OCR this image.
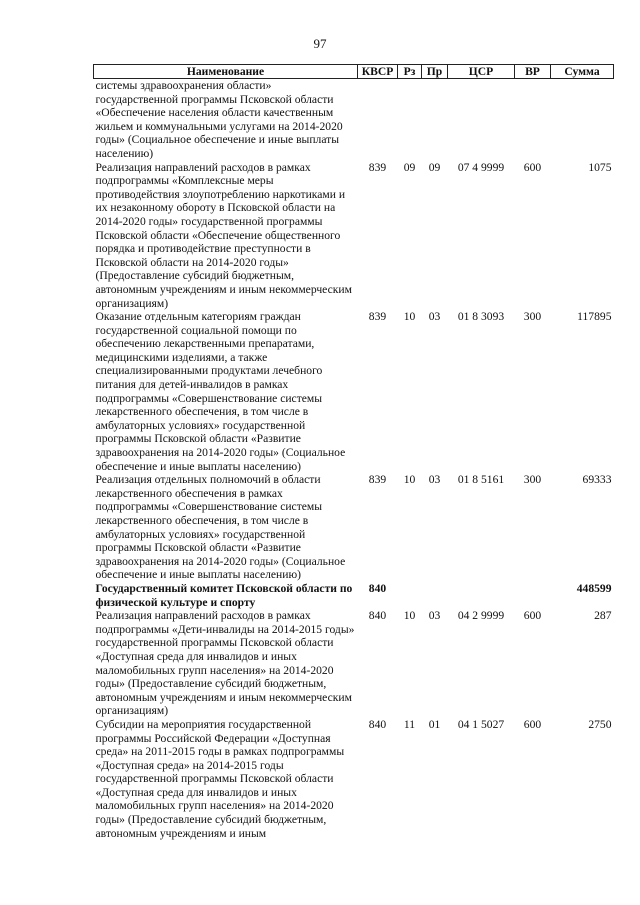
97
Наименование	КВСР	Рз	Пр	ЦСР	ВР	Сумма
системы здравоохранения области» государственной программы Псковской области «Обеспечение населения области качественным жильем и коммунальными услугами на 2014-2020 годы» (Социальное обеспечение и иные выплаты населению)						
Реализация направлений расходов в рамках подпрограммы «Комплексные меры противодействия злоупотреблению наркотиками и их незаконному обороту в Псковской области на 2014-2020 годы» государственной программы Псковской области «Обеспечение общественного порядка и противодействие преступности в Псковской области на 2014-2020 годы» (Предоставление субсидий бюджетным, автономным учреждениям и иным некоммерческим организациям)	839	09	09	07 4 9999	600	1075
Оказание отдельным категориям граждан государственной социальной помощи по обеспечению лекарственными препаратами, медицинскими изделиями, а также специализированными продуктами лечебного питания для детей-инвалидов в рамках подпрограммы «Совершенствование системы лекарственного обеспечения, в том числе в амбулаторных условиях» государственной программы Псковской области «Развитие здравоохранения на 2014-2020 годы» (Социальное обеспечение и иные выплаты населению)	839	10	03	01 8 3093	300	117895
Реализация отдельных полномочий в области лекарственного обеспечения в рамках подпрограммы «Совершенствование системы лекарственного обеспечения, в том числе в амбулаторных условиях» государственной программы Псковской области «Развитие здравоохранения на 2014-2020 годы» (Социальное обеспечение и иные выплаты населению)	839	10	03	01 8 5161	300	69333
Государственный комитет Псковской области по физической культуре и спорту	840					448599
Реализация направлений расходов в рамках подпрограммы «Дети-инвалиды на 2014-2015 годы» государственной программы Псковской области «Доступная среда для инвалидов и иных маломобильных групп населения» на 2014-2020 годы» (Предоставление субсидий бюджетным, автономным учреждениям и иным некоммерческим организациям)	840	10	03	04 2 9999	600	287
Субсидии на мероприятия государственной программы Российской Федерации «Доступная среда» на 2011-2015 годы в рамках подпрограммы «Доступная среда» на 2014-2015 годы государственной программы Псковской области «Доступная среда для инвалидов и иных маломобильных групп населения» на 2014-2020 годы» (Предоставление субсидий бюджетным, автономным учреждениям и иным	840	11	01	04 1 5027	600	2750
